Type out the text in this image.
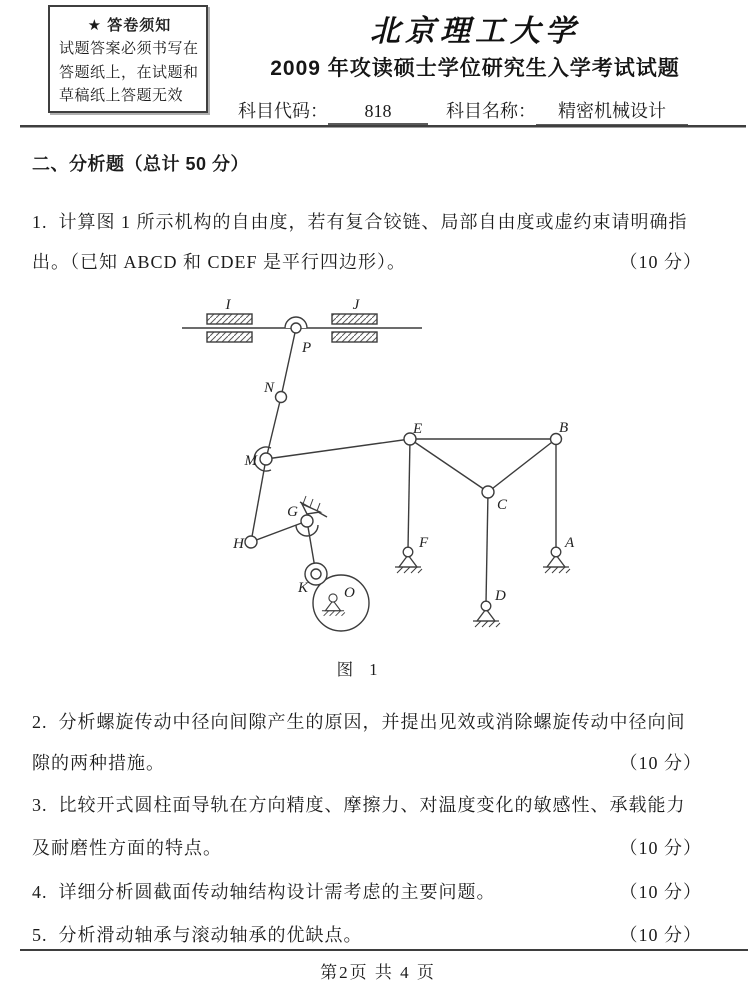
★ 答卷须知
试题答案必须书写在
答题纸上，在试题和
草稿纸上答题无效
北京理工大学
2009 年攻读硕士学位研究生入学考试试题
科目代码： 818	科目名称： 精密机械设计
二、分析题（总计 50 分）
1.  计算图 1 所示机构的自由度，若有复合铰链、局部自由度或虚约束请明确指
出。（已知 ABCD 和 CDEF 是平行四边形）。	（10 分）
I	J
P
N
M
E	B
C
F	A
D
H
G
K O
图 1
2.  分析螺旋传动中径向间隙产生的原因，并提出见效或消除螺旋传动中径向间
隙的两种措施。	（10 分）
3.  比较开式圆柱面导轨在方向精度、摩擦力、对温度变化的敏感性、承载能力
及耐磨性方面的特点。	（10 分）
4.  详细分析圆截面传动轴结构设计需考虑的主要问题。	（10 分）
5.  分析滑动轴承与滚动轴承的优缺点。	（10 分）
第2页 共 4 页
